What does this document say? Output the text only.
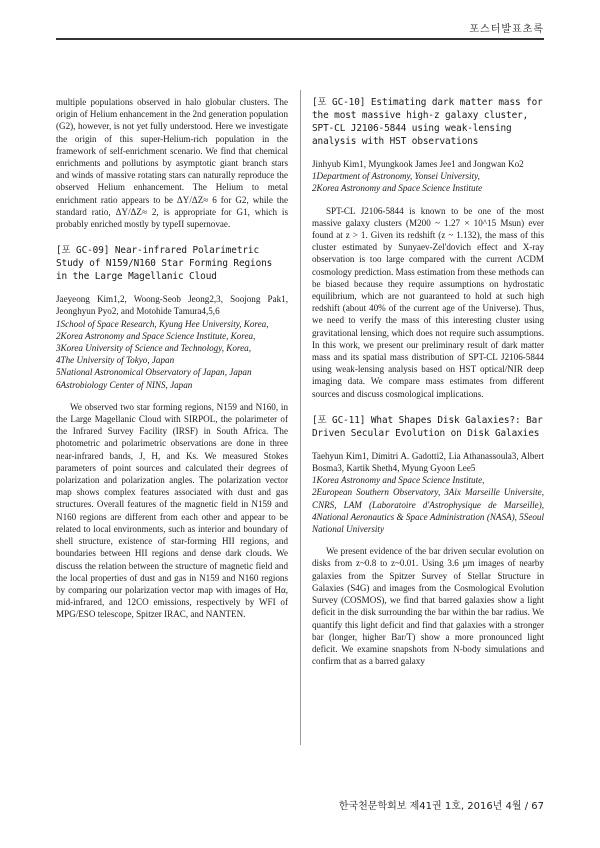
포스터발표초록

multiple populations observed in halo globular clusters. The origin of Helium enhancement in the 2nd generation population (G2), however, is not yet fully understood. Here we investigate the origin of this super-Helium-rich population in the framework of self-enrichment scenario. We find that chemical enrichments and pollutions by asymptotic giant branch stars and winds of massive rotating stars can naturally reproduce the observed Helium enhancement. The Helium to metal enrichment ratio appears to be ΔY/ΔZ≈ 6 for G2, while the standard ratio, ΔY/ΔZ≈ 2, is appropriate for G1, which is probably enriched mostly by typeII supernovae.

[포 GC-09] Near-infrared Polarimetric Study of N159/N160 Star Forming Regions in the Large Magellanic Cloud

Jaeyeong Kim1,2, Woong-Seob Jeong2,3, Soojong Pak1, Jeonghyun Pyo2, and Motohide Tamura4,5,6

1School of Space Research, Kyung Hee University, Korea,

2Korea Astronomy and Space Science Institute, Korea,

3Korea University of Science and Technology, Korea,

4The University of Tokyo, Japan

5National Astronomical Observatory of Japan, Japan

6Astrobiology Center of NINS, Japan

We observed two star forming regions, N159 and N160, in the Large Magellanic Cloud with SIRPOL, the polarimeter of the Infrared Survey Facility (IRSF) in South Africa. The photometric and polarimetric observations are done in three near-infrared bands, J, H, and Ks. We measured Stokes parameters of point sources and calculated their degrees of polarization and polarization angles. The polarization vector map shows complex features associated with dust and gas structures. Overall features of the magnetic field in N159 and N160 regions are different from each other and appear to be related to local environments, such as interior and boundary of shell structure, existence of star-forming HII regions, and boundaries between HII regions and dense dark clouds. We discuss the relation between the structure of magnetic field and the local properties of dust and gas in N159 and N160 regions by comparing our polarization vector map with images of Hα, mid-infrared, and 12CO emissions, respectively by WFI of MPG/ESO telescope, Spitzer IRAC, and NANTEN.

[포 GC-10] Estimating dark matter mass for the most massive high-z galaxy cluster, SPT-CL J2106-5844 using weak-lensing analysis with HST observations

Jinhyub Kim1, Myungkook James Jee1 and Jongwan Ko2

1Department of Astronomy, Yonsei University,

2Korea Astronomy and Space Science Institute

SPT-CL J2106-5844 is known to be one of the most massive galaxy clusters (M200 ~ 1.27 × 10^15 Msun) ever found at z > 1. Given its redshift (z ~ 1.132), the mass of this cluster estimated by Sunyaev-Zel'dovich effect and X-ray observation is too large compared with the current ΛCDM cosmology prediction. Mass estimation from these methods can be biased because they require assumptions on hydrostatic equilibrium, which are not guaranteed to hold at such high redshift (about 40% of the current age of the Universe). Thus, we need to verify the mass of this interesting cluster using gravitational lensing, which does not require such assumptions. In this work, we present our preliminary result of dark matter mass and its spatial mass distribution of SPT-CL J2106-5844 using weak-lensing analysis based on HST optical/NIR deep imaging data. We compare mass estimates from different sources and discuss cosmological implications.

[포 GC-11] What Shapes Disk Galaxies?: Bar Driven Secular Evolution on Disk Galaxies

Taehyun Kim1, Dimitri A. Gadotti2, Lia Athanassoula3, Albert Bosma3, Kartik Sheth4, Myung Gyoon Lee5

1Korea Astronomy and Space Science Institute,

2European Southern Observatory, 3Aix Marseille Universite, CNRS, LAM (Laboratoire d'Astrophysique de Marseille), 4National Aeronautics & Space Administration (NASA), 5Seoul National University

We present evidence of the bar driven secular evolution on disks from z~0.8 to z~0.01. Using 3.6 μm images of nearby galaxies from the Spitzer Survey of Stellar Structure in Galaxies (S4G) and images from the Cosmological Evolution Survey (COSMOS), we find that barred galaxies show a light deficit in the disk surrounding the bar within the bar radius. We quantify this light deficit and find that galaxies with a stronger bar (longer, higher Bar/T) show a more pronounced light deficit. We examine snapshots from N-body simulations and confirm that as a barred galaxy

한국천문학회보 제41권 1호, 2016년 4월 / 67
